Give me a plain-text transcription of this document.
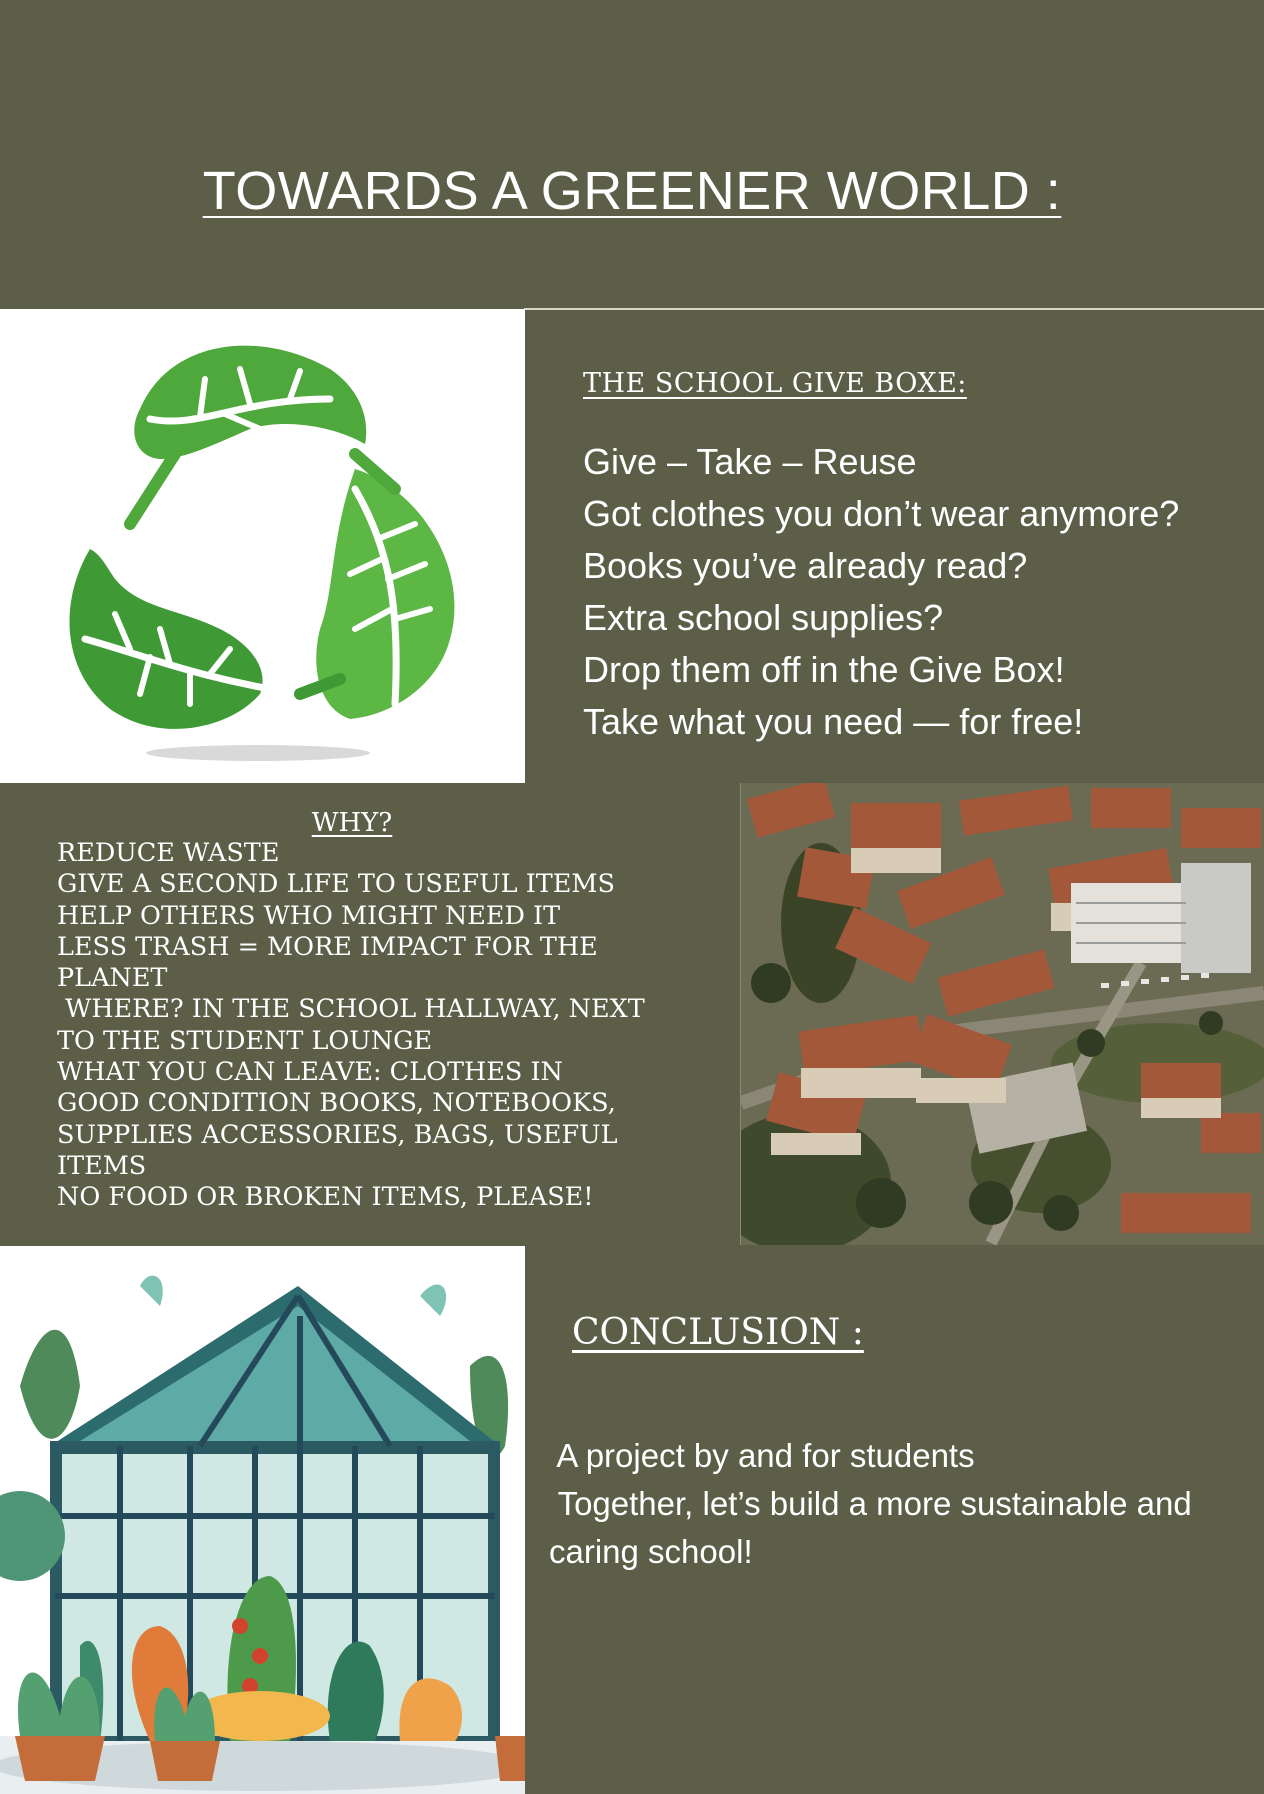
TOWARDS A GREENER WORLD :
THE SCHOOL GIVE BOXE:
Give – Take – Reuse
Got clothes you don’t wear anymore?
Books you’ve already read?
Extra school supplies?
Drop them off in the Give Box!
Take what you need — for free!
WHY?
REDUCE WASTE
GIVE A SECOND LIFE TO USEFUL ITEMS
HELP OTHERS WHO MIGHT NEED IT
LESS TRASH = MORE IMPACT FOR THE
PLANET
WHERE? IN THE SCHOOL HALLWAY, NEXT
TO THE STUDENT LOUNGE
WHAT YOU CAN LEAVE: CLOTHES IN
GOOD CONDITION BOOKS, NOTEBOOKS,
SUPPLIES ACCESSORIES, BAGS, USEFUL
ITEMS
NO FOOD OR BROKEN ITEMS, PLEASE!
CONCLUSION :
A project by and for students
Together, let’s build a more sustainable and
caring school!
